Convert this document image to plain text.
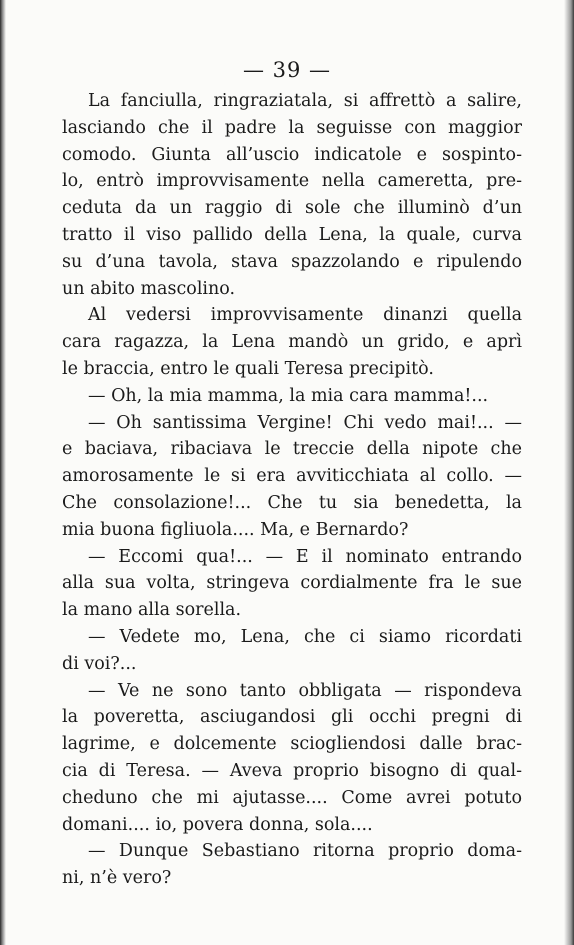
— 39 —
La fanciulla, ringraziatala, si affrettò a salire,
lasciando che il padre la seguisse con maggior
comodo. Giunta all’uscio indicatole e sospinto-
lo, entrò improvvisamente nella cameretta, pre-
ceduta da un raggio di sole che illuminò d’un
tratto il viso pallido della Lena, la quale, curva
su d’una tavola, stava spazzolando e ripulendo
un abito mascolino.
Al vedersi improvvisamente dinanzi quella
cara ragazza, la Lena mandò un grido, e aprì
le braccia, entro le quali Teresa precipitò.
— Oh, la mia mamma, la mia cara mamma!...
— Oh santissima Vergine! Chi vedo mai!... —
e baciava, ribaciava le treccie della nipote che
amorosamente le si era avviticchiata al collo. —
Che consolazione!... Che tu sia benedetta, la
mia buona figliuola.... Ma, e Bernardo?
— Eccomi qua!... — E il nominato entrando
alla sua volta, stringeva cordialmente fra le sue
la mano alla sorella.
— Vedete mo, Lena, che ci siamo ricordati
di voi?...
— Ve ne sono tanto obbligata — rispondeva
la poveretta, asciugandosi gli occhi pregni di
lagrime, e dolcemente sciogliendosi dalle brac-
cia di Teresa. — Aveva proprio bisogno di qual-
cheduno che mi ajutasse.... Come avrei potuto
domani.... io, povera donna, sola....
— Dunque Sebastiano ritorna proprio doma-
ni, n’è vero?
